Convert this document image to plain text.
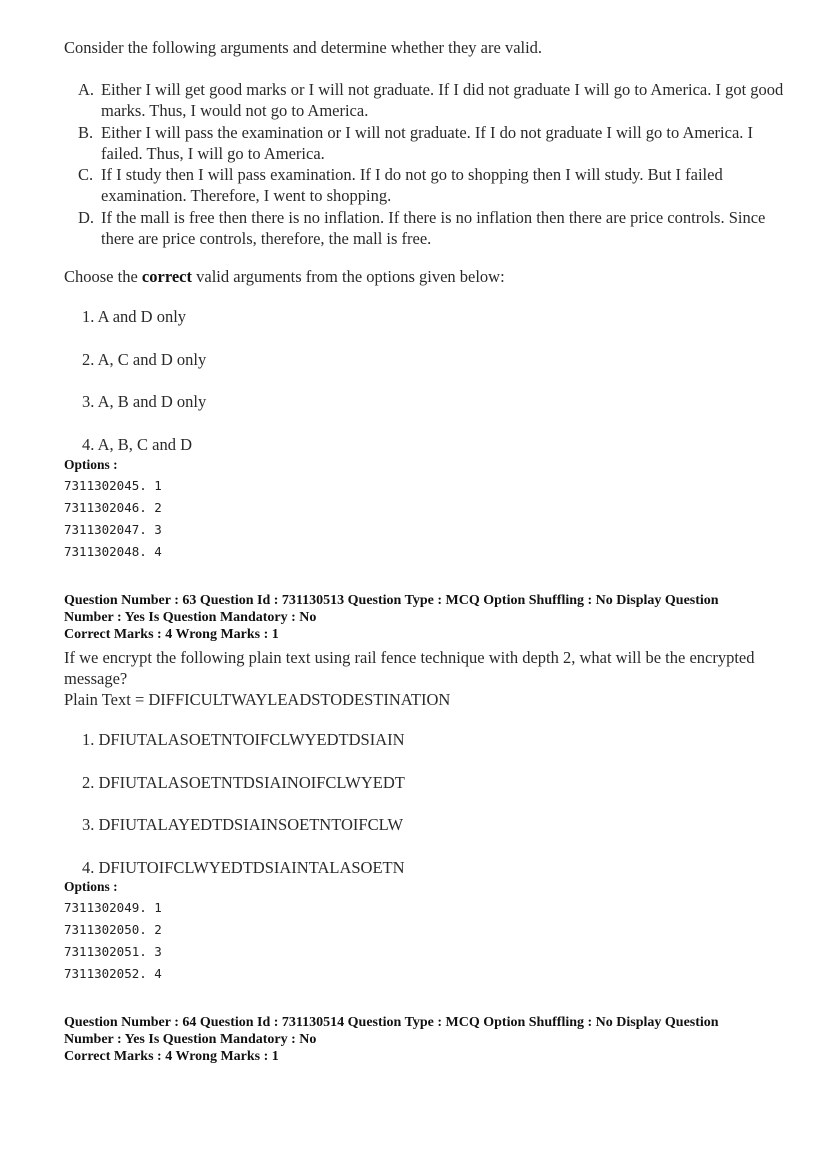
Consider the following arguments and determine whether they are valid.
A. Either I will get good marks or I will not graduate. If I did not graduate I will go to America. I got good marks. Thus, I would not go to America.
B. Either I will pass the examination or I will not graduate. If I do not graduate I will go to America. I failed. Thus, I will go to America.
C. If I study then I will pass examination. If I do not go to shopping then I will study. But I failed examination. Therefore, I went to shopping.
D. If the mall is free then there is no inflation. If there is no inflation then there are price controls. Since there are price controls, therefore, the mall is free.
Choose the correct valid arguments from the options given below:
1. A and D only
2. A, C and D only
3. A, B and D only
4. A, B, C and D
Options :
7311302045. 1
7311302046. 2
7311302047. 3
7311302048. 4
Question Number : 63 Question Id : 731130513 Question Type : MCQ Option Shuffling : No Display Question
Number : Yes Is Question Mandatory : No
Correct Marks : 4 Wrong Marks : 1
If we encrypt the following plain text using rail fence technique with depth 2, what will be the encrypted message?
Plain Text = DIFFICULTWAYLEADSTODESTINATION
1. DFIUTALASOETNTOIFCLWYEDTDSIAIN
2. DFIUTALASOETNTDSIAINOIFCLWYEDT
3. DFIUTALAYEDTDSIAINSOETNTOIFCLW
4. DFIUTOIFCLWYEDTDSIAINTALASOETN
Options :
7311302049. 1
7311302050. 2
7311302051. 3
7311302052. 4
Question Number : 64 Question Id : 731130514 Question Type : MCQ Option Shuffling : No Display Question
Number : Yes Is Question Mandatory : No
Correct Marks : 4 Wrong Marks : 1
